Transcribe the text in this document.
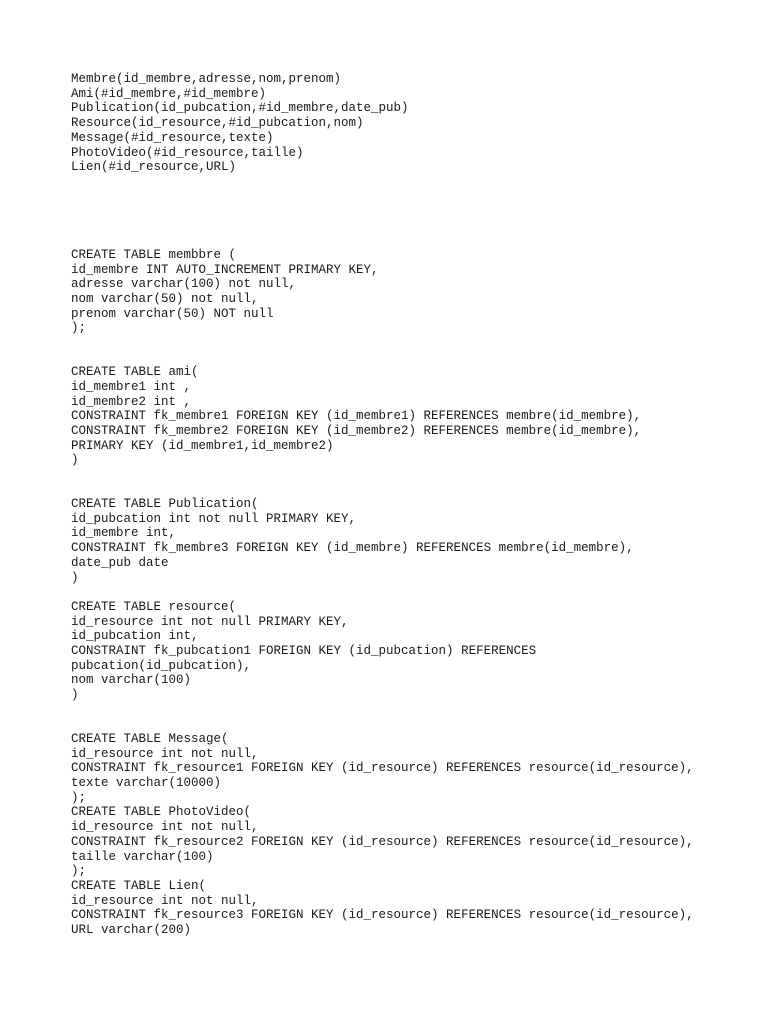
Membre(id_membre,adresse,nom,prenom)
Ami(#id_membre,#id_membre)
Publication(id_pubcation,#id_membre,date_pub)
Resource(id_resource,#id_pubcation,nom)
Message(#id_resource,texte)
PhotoVideo(#id_resource,taille)
Lien(#id_resource,URL)
CREATE TABLE membbre (
id_membre INT AUTO_INCREMENT PRIMARY KEY,
adresse varchar(100) not null,
nom varchar(50) not null,
prenom varchar(50) NOT null
);
CREATE TABLE ami(
id_membre1 int ,
id_membre2 int ,
CONSTRAINT fk_membre1 FOREIGN KEY (id_membre1) REFERENCES membre(id_membre),
CONSTRAINT fk_membre2 FOREIGN KEY (id_membre2) REFERENCES membre(id_membre),
PRIMARY KEY (id_membre1,id_membre2)
)
CREATE TABLE Publication(
id_pubcation int not null PRIMARY KEY,
id_membre int,
CONSTRAINT fk_membre3 FOREIGN KEY (id_membre) REFERENCES membre(id_membre),
date_pub date
)
CREATE TABLE resource(
id_resource int not null PRIMARY KEY,
id_pubcation int,
CONSTRAINT fk_pubcation1 FOREIGN KEY (id_pubcation) REFERENCES
pubcation(id_pubcation),
nom varchar(100)
)
CREATE TABLE Message(
id_resource int not null,
CONSTRAINT fk_resource1 FOREIGN KEY (id_resource) REFERENCES resource(id_resource),
texte varchar(10000)
);
CREATE TABLE PhotoVideo(
id_resource int not null,
CONSTRAINT fk_resource2 FOREIGN KEY (id_resource) REFERENCES resource(id_resource),
taille varchar(100)
);
CREATE TABLE Lien(
id_resource int not null,
CONSTRAINT fk_resource3 FOREIGN KEY (id_resource) REFERENCES resource(id_resource),
URL varchar(200)
